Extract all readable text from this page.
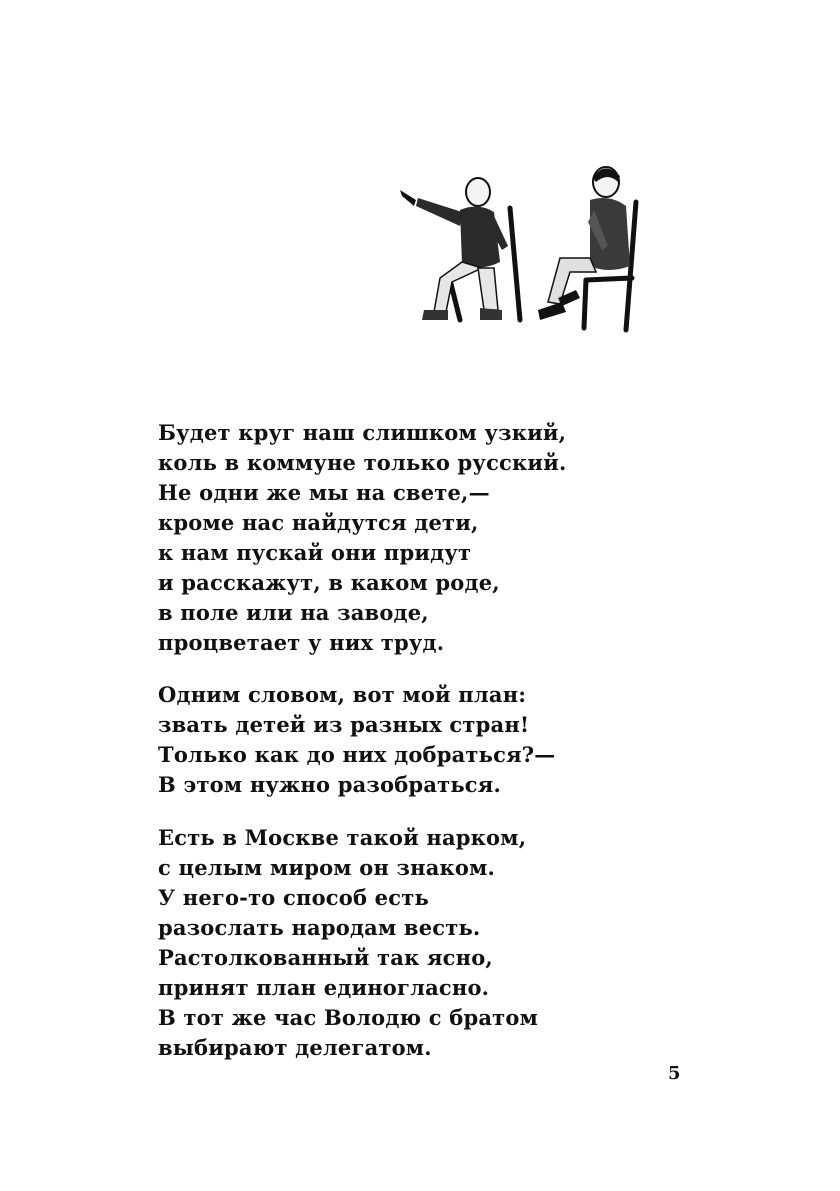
Будет круг наш слишком узкий,
коль в коммуне только русский.
Не одни же мы на свете,—
кроме нас найдутся дети,
к нам пускай они придут
и расскажут, в каком роде,
в поле или на заводе,
процветает у них труд.
Одним словом, вот мой план:
звать детей из разных стран!
Только как до них добраться?—
В этом нужно разобраться.
Есть в Москве такой нарком,
с целым миром он знаком.
У него-то способ есть
разослать народам весть.
Растолкованный так ясно,
принят план единогласно.
В тот же час Володю с братом
выбирают делегатом.
5
